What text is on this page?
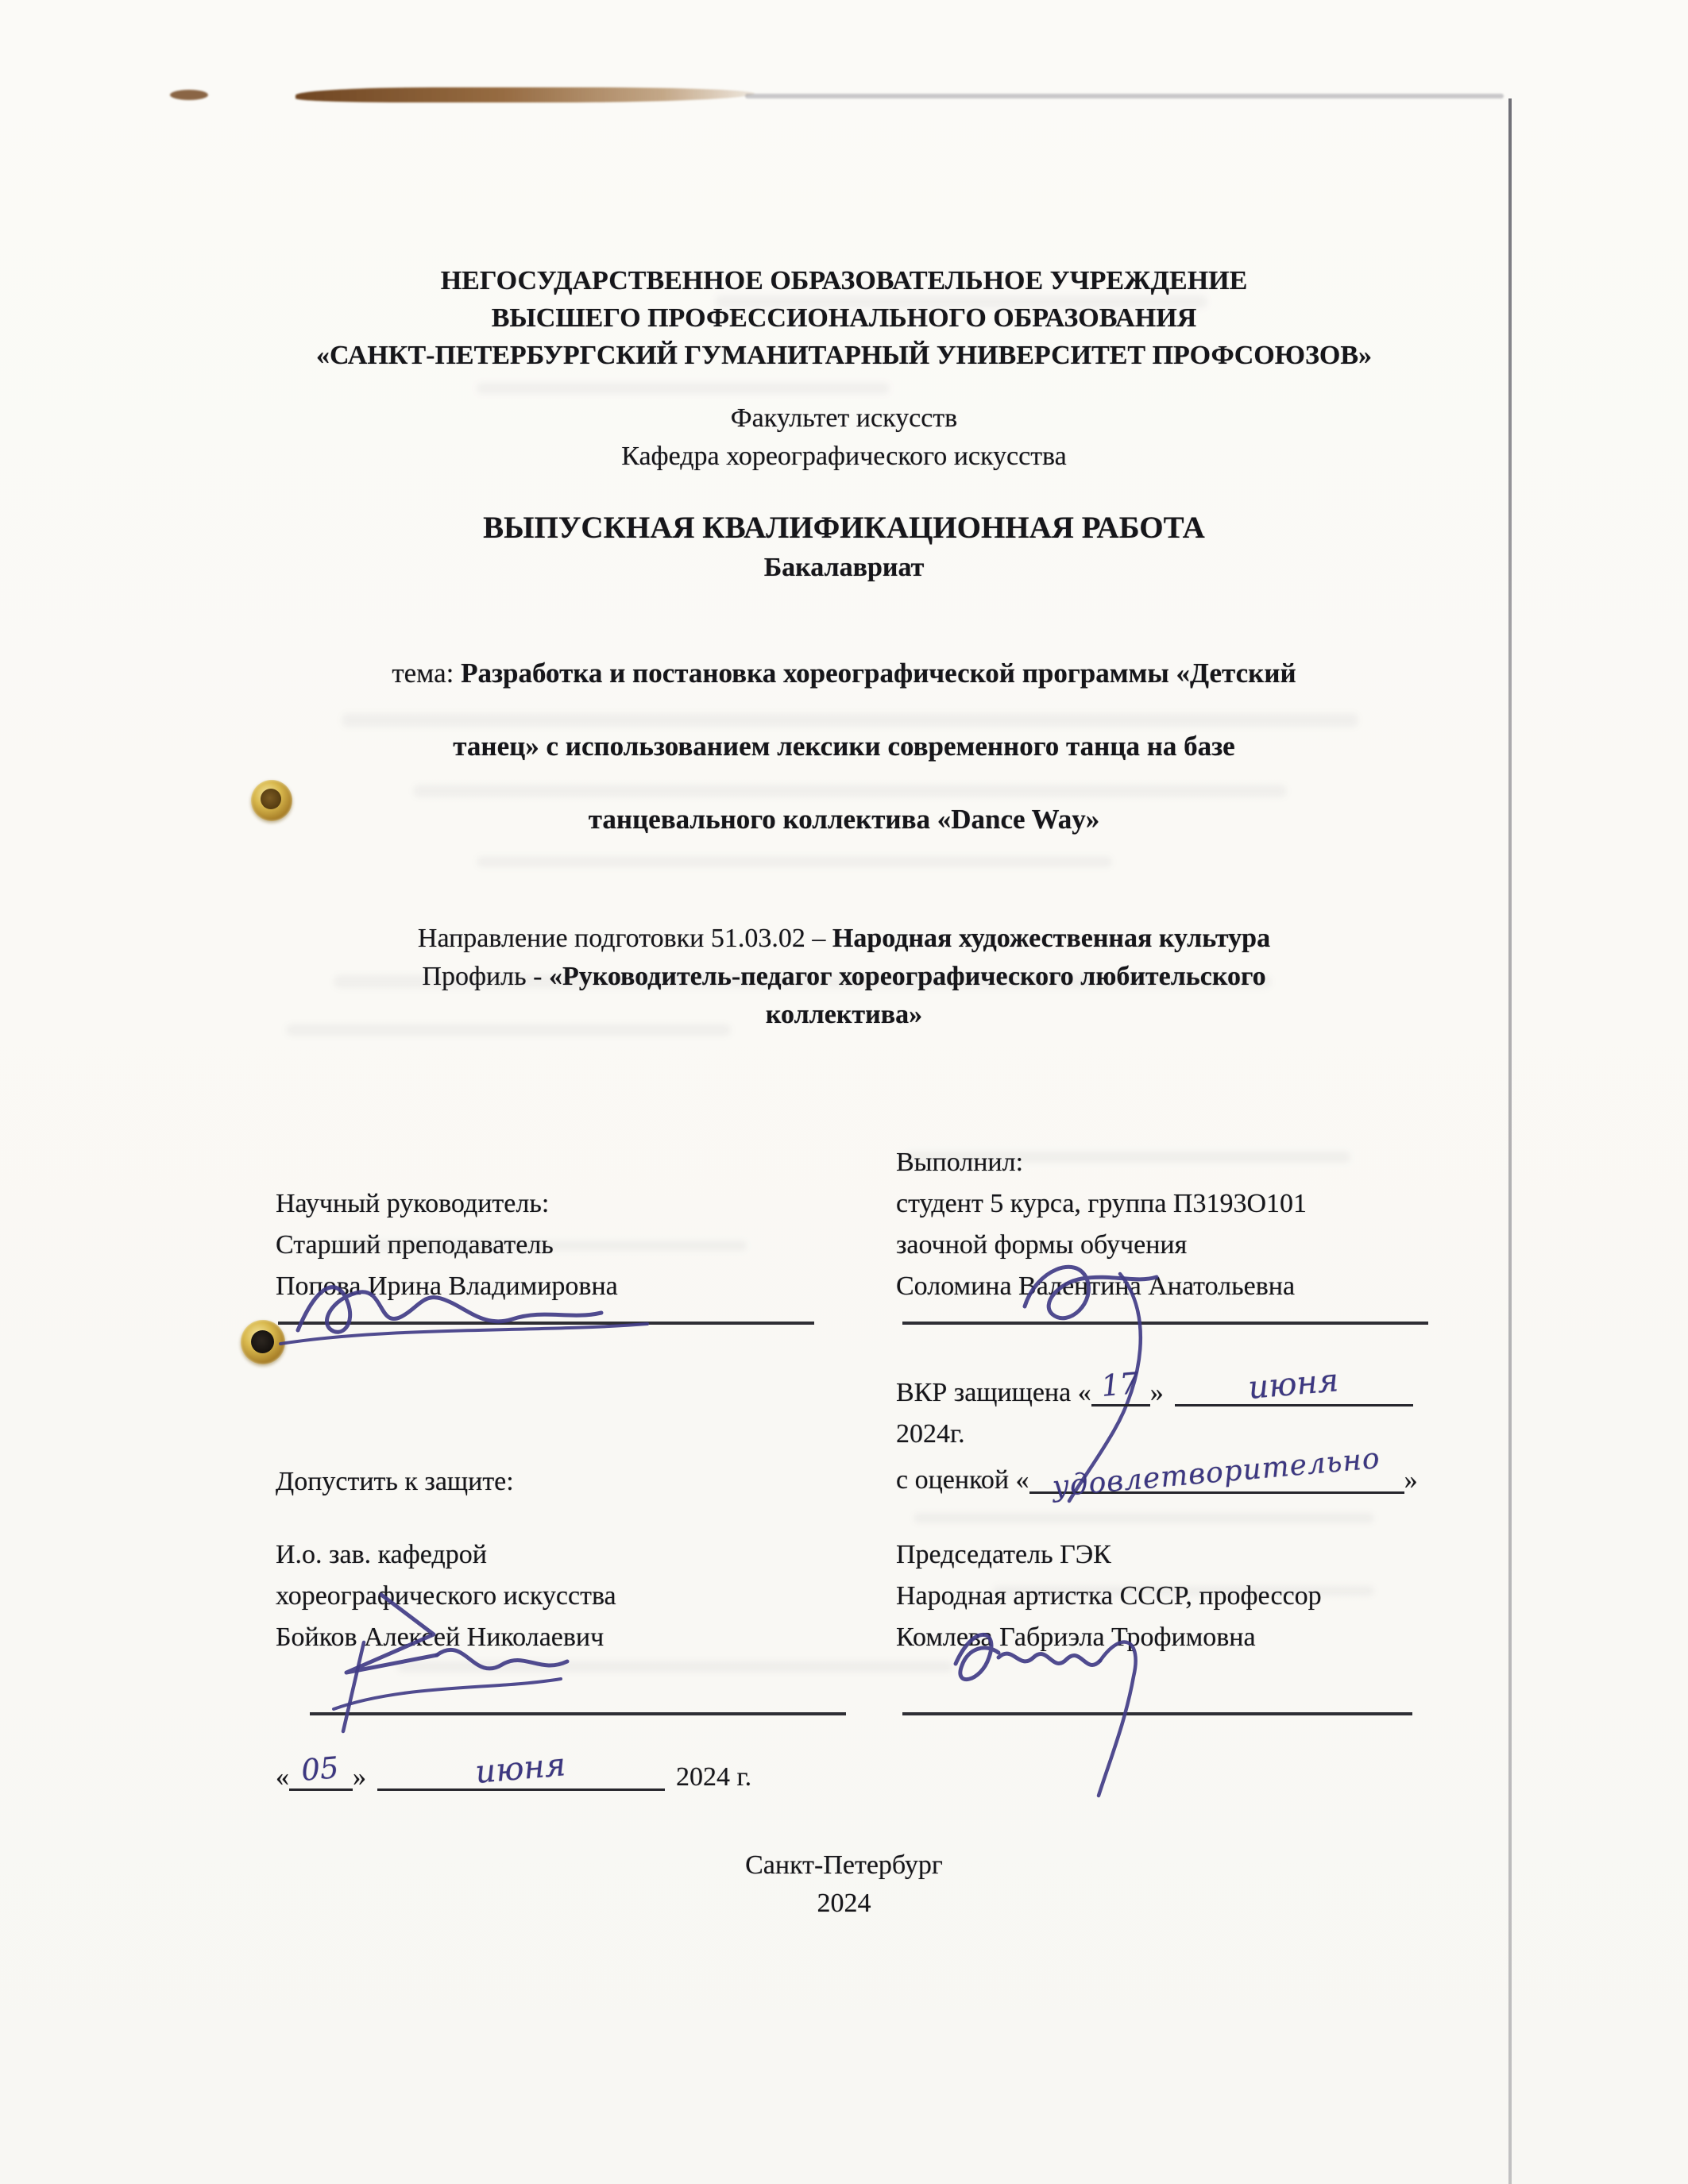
НЕГОСУДАРСТВЕННОЕ ОБРАЗОВАТЕЛЬНОЕ УЧРЕЖДЕНИЕ
ВЫСШЕГО ПРОФЕССИОНАЛЬНОГО ОБРАЗОВАНИЯ
«САНКТ-ПЕТЕРБУРГСКИЙ ГУМАНИТАРНЫЙ УНИВЕРСИТЕТ ПРОФСОЮЗОВ»
Факультет искусств
Кафедра хореографического искусства
ВЫПУСКНАЯ КВАЛИФИКАЦИОННАЯ РАБОТА
Бакалавриат
тема: Разработка и постановка хореографической программы «Детский
танец» с использованием лексики современного танца на базе
танцевального коллектива «Dance Way»
Направление подготовки 51.03.02 – Народная художественная культура
Профиль - «Руководитель-педагог хореографического любительского
коллектива»
Выполнил:
студент 5 курса, группа П3193О101
заочной формы обучения
Соломина Валентина Анатольевна
Научный руководитель:
Старший преподаватель
Попова Ирина Владимировна
ВКР защищена « 17 »	июня
2024г.
Допустить к защите:	с оценкой « удовлетворительно »
И.о. зав. кафедрой
хореографического искусства
Бойков Алексей Николаевич
Председатель ГЭК
Народная артистка СССР, профессор
Комлева Габриэла Трофимовна
« 05 »	июня	2024 г.
Санкт-Петербург
2024
